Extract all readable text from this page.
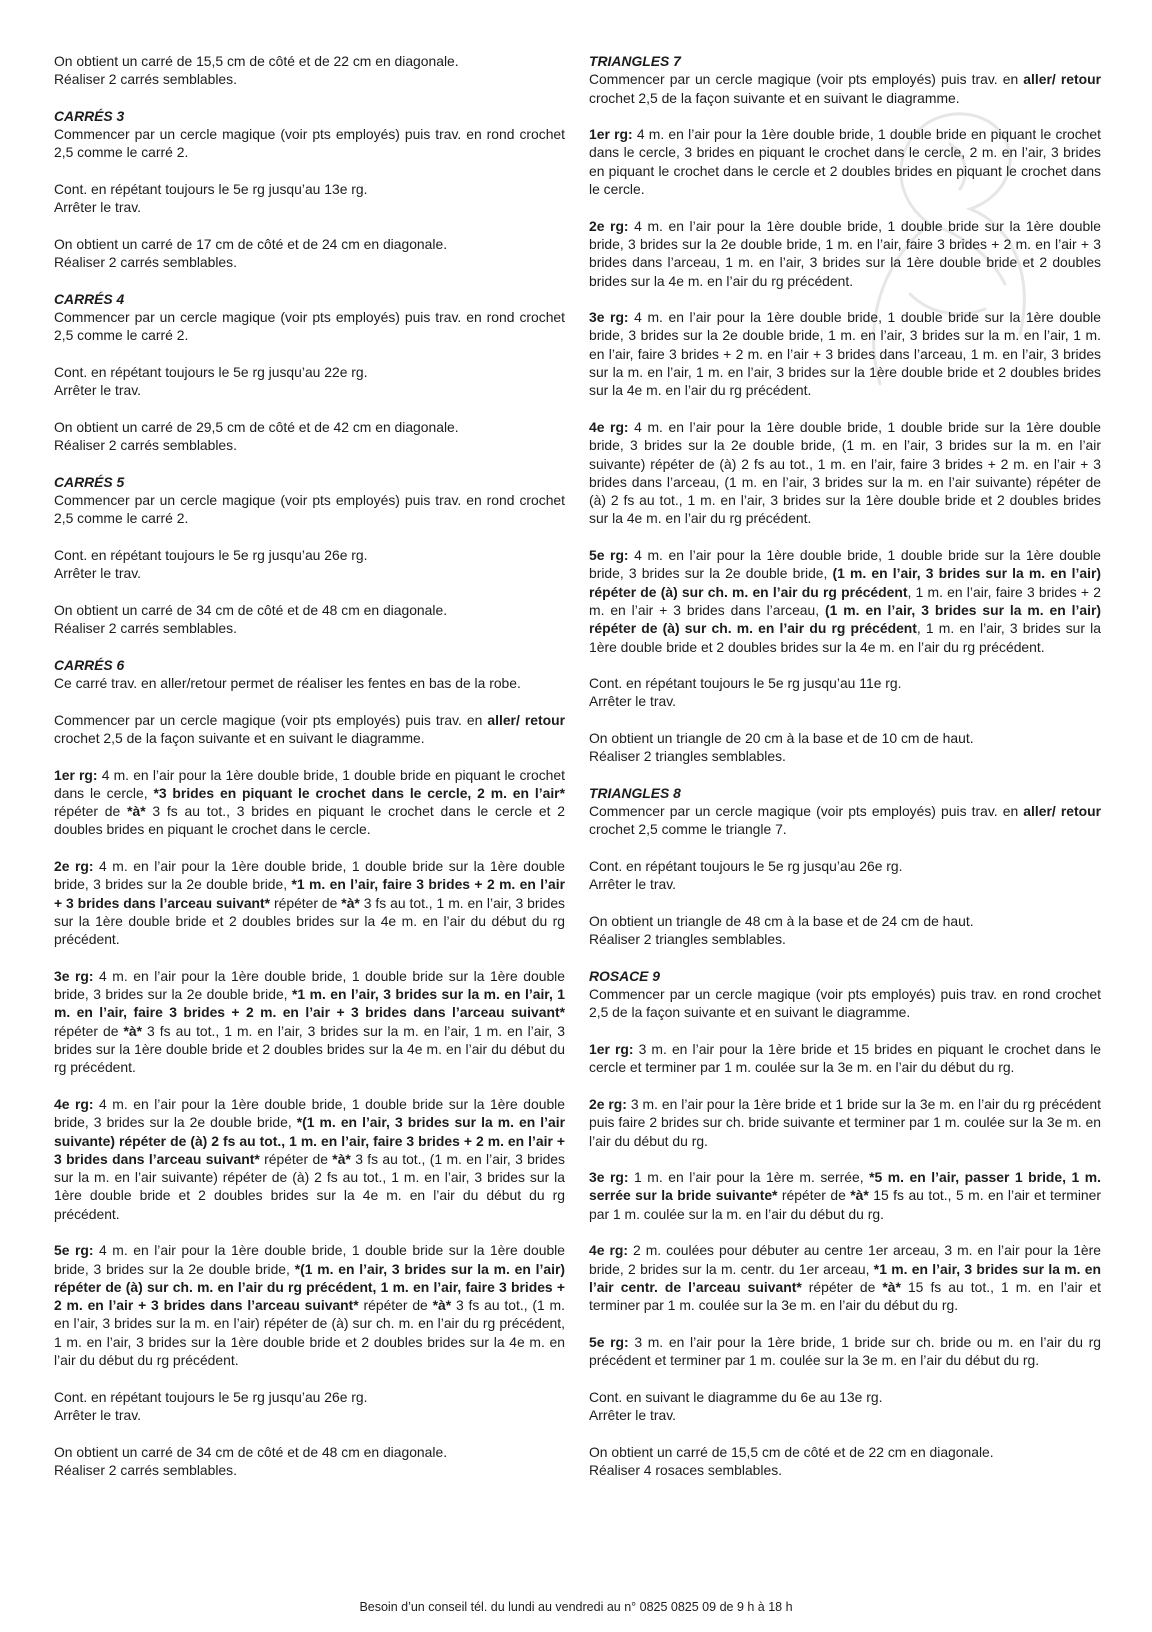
On obtient un carré de 15,5 cm de côté et de 22 cm en diagonale.
Réaliser 2 carrés semblables.
CARRÉS 3
Commencer par un cercle magique (voir pts employés) puis trav. en rond crochet 2,5 comme le carré 2.
Cont. en répétant toujours le 5e rg jusqu’au 13e rg.
Arrêter le trav.
On obtient un carré de 17 cm de côté et de 24 cm en diagonale.
Réaliser 2 carrés semblables.
CARRÉS 4
Commencer par un cercle magique (voir pts employés) puis trav. en rond crochet 2,5 comme le carré 2.
Cont. en répétant toujours le 5e rg jusqu’au 22e rg.
Arrêter le trav.
On obtient un carré de 29,5 cm de côté et de 42 cm en diagonale.
Réaliser 2 carrés semblables.
CARRÉS 5
Commencer par un cercle magique (voir pts employés) puis trav. en rond crochet 2,5 comme le carré 2.
Cont. en répétant toujours le 5e rg jusqu’au 26e rg.
Arrêter le trav.
On obtient un carré de 34 cm de côté et de 48 cm en diagonale.
Réaliser 2 carrés semblables.
CARRÉS 6
Ce carré trav. en aller/retour permet de réaliser les fentes en bas de la robe.
Commencer par un cercle magique (voir pts employés) puis trav. en aller/ retour crochet 2,5 de la façon suivante et en suivant le diagramme.
1er rg: 4 m. en l’air pour la 1ère double bride, 1 double bride en piquant le crochet dans le cercle, *3 brides en piquant le crochet dans le cercle, 2 m. en l’air* répéter de *à* 3 fs au tot., 3 brides en piquant le crochet dans le cercle et 2 doubles brides en piquant le crochet dans le cercle.
2e rg: 4 m. en l’air pour la 1ère double bride, 1 double bride sur la 1ère double bride, 3 brides sur la 2e double bride, *1 m. en l’air, faire 3 brides + 2 m. en l’air + 3 brides dans l’arceau suivant* répéter de *à* 3 fs au tot., 1 m. en l’air, 3 brides sur la 1ère double bride et 2 doubles brides sur la 4e m. en l’air du début du rg précédent.
3e rg: 4 m. en l’air pour la 1ère double bride, 1 double bride sur la 1ère double bride, 3 brides sur la 2e double bride, *1 m. en l’air, 3 brides sur la m. en l’air, 1 m. en l’air, faire 3 brides + 2 m. en l’air + 3 brides dans l’arceau suivant* répéter de *à* 3 fs au tot., 1 m. en l’air, 3 brides sur la m. en l’air, 1 m. en l’air, 3 brides sur la 1ère double bride et 2 doubles brides sur la 4e m. en l’air du début du rg précédent.
4e rg: 4 m. en l’air pour la 1ère double bride, 1 double bride sur la 1ère double bride, 3 brides sur la 2e double bride, *(1 m. en l’air, 3 brides sur la m. en l’air suivante) répéter de (à) 2 fs au tot., 1 m. en l’air, faire 3 brides + 2 m. en l’air + 3 brides dans l’arceau suivant* répéter de *à* 3 fs au tot., (1 m. en l’air, 3 brides sur la m. en l’air suivante) répéter de (à) 2 fs au tot., 1 m. en l’air, 3 brides sur la 1ère double bride et 2 doubles brides sur la 4e m. en l’air du début du rg précédent.
5e rg: 4 m. en l’air pour la 1ère double bride, 1 double bride sur la 1ère double bride, 3 brides sur la 2e double bride, *(1 m. en l’air, 3 brides sur la m. en l’air) répéter de (à) sur ch. m. en l’air du rg précédent, 1 m. en l’air, faire 3 brides + 2 m. en l’air + 3 brides dans l’arceau suivant* répéter de *à* 3 fs au tot., (1 m. en l’air, 3 brides sur la m. en l’air) répéter de (à) sur ch. m. en l’air du rg précédent, 1 m. en l’air, 3 brides sur la 1ère double bride et 2 doubles brides sur la 4e m. en l’air du début du rg précédent.
Cont. en répétant toujours le 5e rg jusqu’au 26e rg.
Arrêter le trav.
On obtient un carré de 34 cm de côté et de 48 cm en diagonale.
Réaliser 2 carrés semblables.
TRIANGLES 7
Commencer par un cercle magique (voir pts employés) puis trav. en aller/ retour crochet 2,5 de la façon suivante et en suivant le diagramme.
1er rg: 4 m. en l’air pour la 1ère double bride, 1 double bride en piquant le crochet dans le cercle, 3 brides en piquant le crochet dans le cercle, 2 m. en l’air, 3 brides en piquant le crochet dans le cercle et 2 doubles brides en piquant le crochet dans le cercle.
2e rg: 4 m. en l’air pour la 1ère double bride, 1 double bride sur la 1ère double bride, 3 brides sur la 2e double bride, 1 m. en l’air, faire 3 brides + 2 m. en l’air + 3 brides dans l’arceau, 1 m. en l’air, 3 brides sur la 1ère double bride et 2 doubles brides sur la 4e m. en l’air du rg précédent.
3e rg: 4 m. en l’air pour la 1ère double bride, 1 double bride sur la 1ère double bride, 3 brides sur la 2e double bride, 1 m. en l’air, 3 brides sur la m. en l’air, 1 m. en l’air, faire 3 brides + 2 m. en l’air + 3 brides dans l’arceau, 1 m. en l’air, 3 brides sur la m. en l’air, 1 m. en l’air, 3 brides sur la 1ère double bride et 2 doubles brides sur la 4e m. en l’air du rg précédent.
4e rg: 4 m. en l’air pour la 1ère double bride, 1 double bride sur la 1ère double bride, 3 brides sur la 2e double bride, (1 m. en l’air, 3 brides sur la m. en l’air suivante) répéter de (à) 2 fs au tot., 1 m. en l’air, faire 3 brides + 2 m. en l’air + 3 brides dans l’arceau, (1 m. en l’air, 3 brides sur la m. en l’air suivante) répéter de (à) 2 fs au tot., 1 m. en l’air, 3 brides sur la 1ère double bride et 2 doubles brides sur la 4e m. en l’air du rg précédent.
5e rg: 4 m. en l’air pour la 1ère double bride, 1 double bride sur la 1ère double bride, 3 brides sur la 2e double bride, (1 m. en l’air, 3 brides sur la m. en l’air) répéter de (à) sur ch. m. en l’air du rg précédent, 1 m. en l’air, faire 3 brides + 2 m. en l’air + 3 brides dans l’arceau, (1 m. en l’air, 3 brides sur la m. en l’air) répéter de (à) sur ch. m. en l’air du rg précédent, 1 m. en l’air, 3 brides sur la 1ère double bride et 2 doubles brides sur la 4e m. en l’air du rg précédent.
Cont. en répétant toujours le 5e rg jusqu’au 11e rg.
Arrêter le trav.
On obtient un triangle de 20 cm à la base et de 10 cm de haut.
Réaliser 2 triangles semblables.
TRIANGLES 8
Commencer par un cercle magique (voir pts employés) puis trav. en aller/ retour crochet 2,5 comme le triangle 7.
Cont. en répétant toujours le 5e rg jusqu’au 26e rg.
Arrêter le trav.
On obtient un triangle de 48 cm à la base et de 24 cm de haut.
Réaliser 2 triangles semblables.
ROSACE 9
Commencer par un cercle magique (voir pts employés) puis trav. en rond crochet 2,5 de la façon suivante et en suivant le diagramme.
1er rg: 3 m. en l’air pour la 1ère bride et 15 brides en piquant le crochet dans le cercle et terminer par 1 m. coulée sur la 3e m. en l’air du début du rg.
2e rg: 3 m. en l’air pour la 1ère bride et 1 bride sur la 3e m. en l’air du rg précédent puis faire 2 brides sur ch. bride suivante et terminer par 1 m. coulée sur la 3e m. en l’air du début du rg.
3e rg: 1 m. en l’air pour la 1ère m. serrée, *5 m. en l’air, passer 1 bride, 1 m. serrée sur la bride suivante* répéter de *à* 15 fs au tot., 5 m. en l’air et terminer par 1 m. coulée sur la m. en l’air du début du rg.
4e rg: 2 m. coulées pour débuter au centre 1er arceau, 3 m. en l’air pour la 1ère bride, 2 brides sur la m. centr. du 1er arceau, *1 m. en l’air, 3 brides sur la m. en l’air centr. de l’arceau suivant* répéter de *à* 15 fs au tot., 1 m. en l’air et terminer par 1 m. coulée sur la 3e m. en l’air du début du rg.
5e rg: 3 m. en l’air pour la 1ère bride, 1 bride sur ch. bride ou m. en l’air du rg précédent et terminer par 1 m. coulée sur la 3e m. en l’air du début du rg.
Cont. en suivant le diagramme du 6e au 13e rg.
Arrêter le trav.
On obtient un carré de 15,5 cm de côté et de 22 cm en diagonale.
Réaliser 4 rosaces semblables.
Besoin d’un conseil tél. du lundi au vendredi au n° 0825 0825 09 de 9 h à 18 h
